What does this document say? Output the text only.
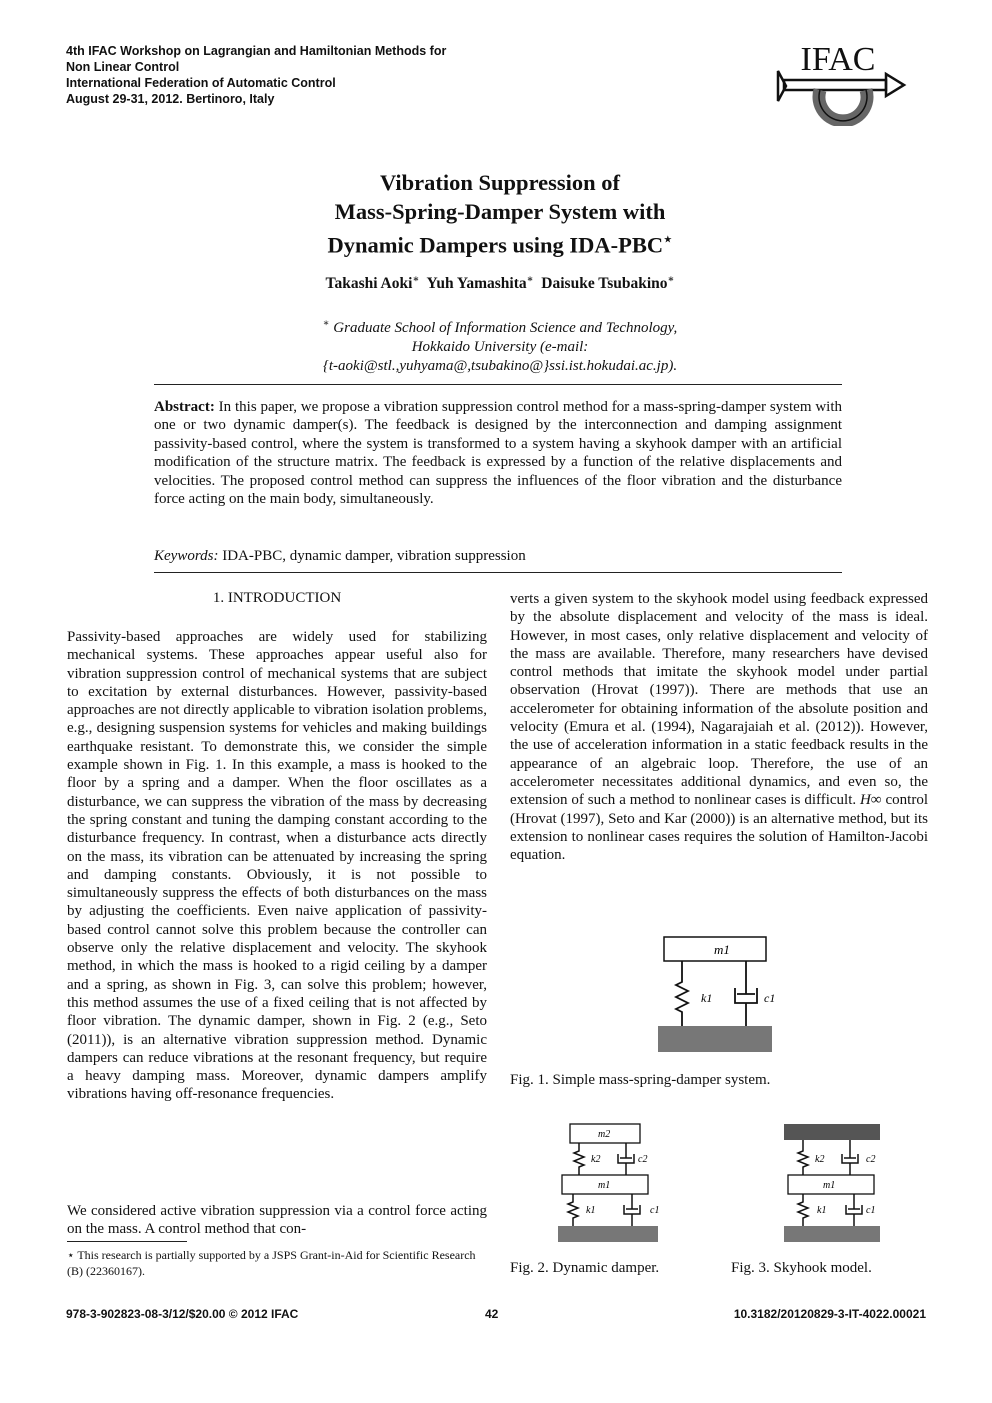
4th IFAC Workshop on Lagrangian and Hamiltonian Methods for
Non Linear Control
International Federation of Automatic Control
August 29-31, 2012. Bertinoro, Italy
IFAC
Vibration Suppression of
Mass-Spring-Damper System with
Dynamic Dampers using IDA-PBC⋆
Takashi Aoki∗ Yuh Yamashita∗ Daisuke Tsubakino∗
∗ Graduate School of Information Science and Technology,
Hokkaido University (e-mail:
{t-aoki@stl.,yuhyama@,tsubakino@}ssi.ist.hokudai.ac.jp).
Abstract: In this paper, we propose a vibration suppression control method for a mass-spring-damper system with one or two dynamic damper(s). The feedback is designed by the interconnection and damping assignment passivity-based control, where the system is transformed to a system having a skyhook damper with an artificial modification of the structure matrix. The feedback is expressed by a function of the relative displacements and velocities. The proposed control method can suppress the influences of the floor vibration and the disturbance force acting on the main body, simultaneously.
Keywords: IDA-PBC, dynamic damper, vibration suppression
1. INTRODUCTION
Passivity-based approaches are widely used for stabilizing mechanical systems. These approaches appear useful also for vibration suppression control of mechanical systems that are subject to excitation by external disturbances. However, passivity-based approaches are not directly applicable to vibration isolation problems, e.g., designing suspension systems for vehicles and making buildings earthquake resistant. To demonstrate this, we consider the simple example shown in Fig. 1. In this example, a mass is hooked to the floor by a spring and a damper. When the floor oscillates as a disturbance, we can suppress the vibration of the mass by decreasing the spring constant and tuning the damping constant according to the disturbance frequency. In contrast, when a disturbance acts directly on the mass, its vibration can be attenuated by increasing the spring and damping constants. Obviously, it is not possible to simultaneously suppress the effects of both disturbances on the mass by adjusting the coefficients. Even naive application of passivity-based control cannot solve this problem because the controller can observe only the relative displacement and velocity. The skyhook method, in which the mass is hooked to a rigid ceiling by a damper and a spring, as shown in Fig. 3, can solve this problem; however, this method assumes the use of a fixed ceiling that is not affected by floor vibration. The dynamic damper, shown in Fig. 2 (e.g., Seto (2011)), is an alternative vibration suppression method. Dynamic dampers can reduce vibrations at the resonant frequency, but require a heavy damping mass. Moreover, dynamic dampers amplify vibrations having off-resonance frequencies.
We considered active vibration suppression via a control force acting on the mass. A control method that con-
⋆ This research is partially supported by a JSPS Grant-in-Aid for Scientific Research (B) (22360167).
verts a given system to the skyhook model using feedback expressed by the absolute displacement and velocity of the mass is ideal. However, in most cases, only relative displacement and velocity of the mass are available. Therefore, many researchers have devised control methods that imitate the skyhook model under partial observation (Hrovat (1997)). There are methods that use an accelerometer for obtaining information of the absolute position and velocity (Emura et al. (1994), Nagarajaiah et al. (2012)). However, the use of acceleration information in a static feedback results in the appearance of an algebraic loop. Therefore, the use of an accelerometer necessitates additional dynamics, and even so, the extension of such a method to nonlinear cases is difficult. H∞ control (Hrovat (1997), Seto and Kar (2000)) is an alternative method, but its extension to nonlinear cases requires the solution of Hamilton-Jacobi equation.
m1
k1	c1
Fig. 1. Simple mass-spring-damper system.
m2
k2	c2
m1
k1	c1
Fig. 2. Dynamic damper.
k2	c2
m1
k1	c1
Fig. 3. Skyhook model.
978-3-902823-08-3/12/$20.00 © 2012 IFAC	42	10.3182/20120829-3-IT-4022.00021
